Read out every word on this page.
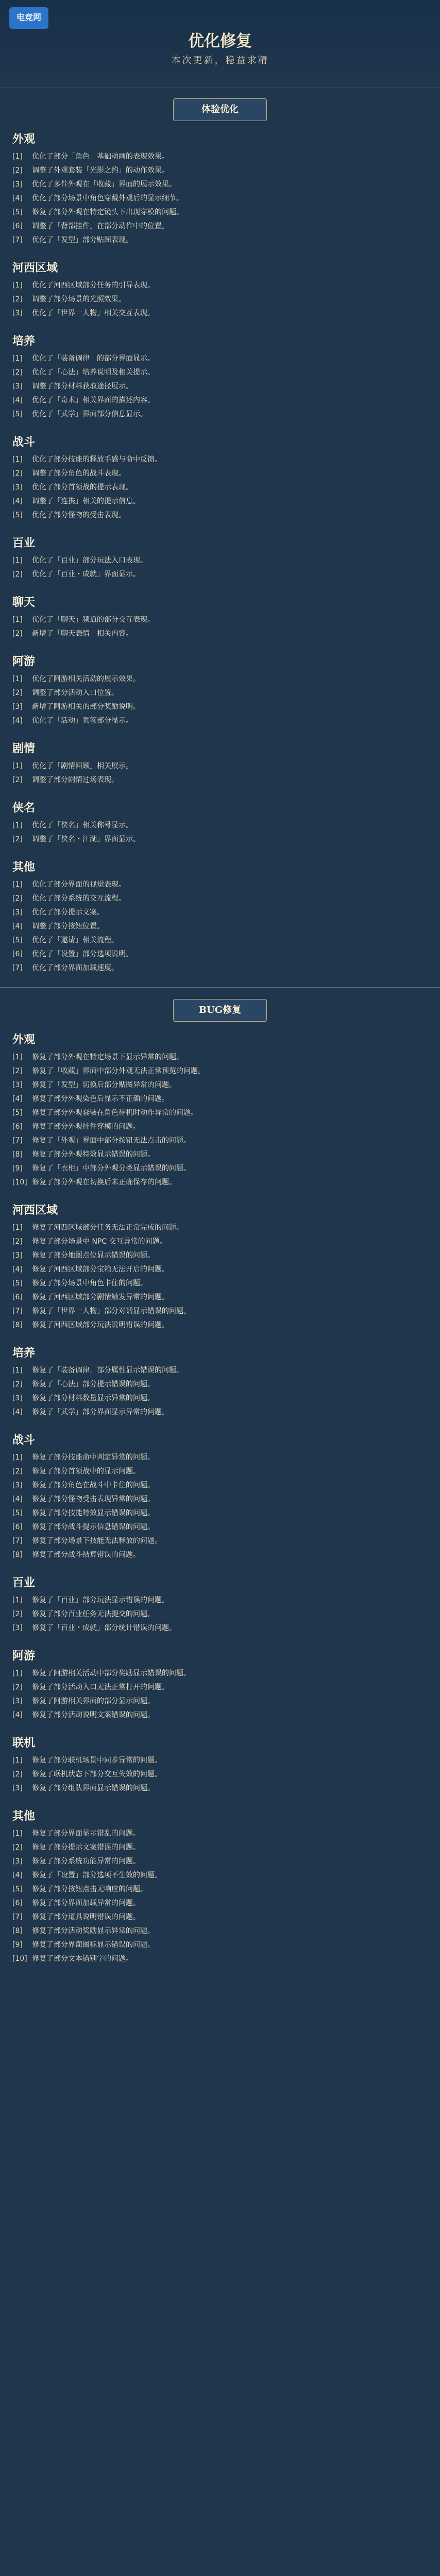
电竞网
优化修复
本次更新，稳益求精
体验优化
外观
[1] 优化了部分「角色」基础动画的表现效果。
[2] 调整了外观套装「光影之约」的动作效果。
[3] 优化了多件外观在「收藏」界面的展示效果。
[4] 优化了部分场景中角色穿戴外观后的显示细节。
[5] 修复了部分外观在特定镜头下出现穿模的问题。
[6] 调整了「背部挂件」在部分动作中的位置。
[7] 优化了「发型」部分贴图表现。
河西区域
[1] 优化了河西区域部分任务的引导表现。
[2] 调整了部分场景的光照效果。
[3] 优化了「世界一人物」相关交互表现。
培养
[1] 优化了「装备调律」的部分界面显示。
[2] 优化了「心法」培养说明及相关提示。
[3] 调整了部分材料获取途径展示。
[4] 优化了「奇术」相关界面的描述内容。
[5] 优化了「武学」界面部分信息显示。
战斗
[1] 优化了部分技能的释放手感与命中反馈。
[2] 调整了部分角色的战斗表现。
[3] 优化了部分首领战的提示表现。
[4] 调整了「连携」相关的提示信息。
[5] 优化了部分怪物的受击表现。
百业
[1] 优化了「百业」部分玩法入口表现。
[2] 优化了「百业・成就」界面显示。
聊天
[1] 优化了「聊天」频道的部分交互表现。
[2] 新增了「聊天表情」相关内容。
阿游
[1] 优化了阿游相关活动的展示效果。
[2] 调整了部分活动入口位置。
[3] 新增了阿游相关的部分奖励说明。
[4] 优化了「活动」页签部分显示。
剧情
[1] 优化了「剧情回顾」相关展示。
[2] 调整了部分剧情过场表现。
侠名
[1] 优化了「侠名」相关称号显示。
[2] 调整了「侠名・江湖」界面显示。
其他
[1] 优化了部分界面的视觉表现。
[2] 优化了部分系统的交互流程。
[3] 优化了部分提示文案。
[4] 调整了部分按钮位置。
[5] 优化了「邀请」相关流程。
[6] 优化了「设置」部分选项说明。
[7] 优化了部分界面加载速度。
BUG修复
外观
[1] 修复了部分外观在特定场景下显示异常的问题。
[2] 修复了「收藏」界面中部分外观无法正常预览的问题。
[3] 修复了「发型」切换后部分贴图异常的问题。
[4] 修复了部分外观染色后显示不正确的问题。
[5] 修复了部分外观套装在角色待机时动作异常的问题。
[6] 修复了部分外观挂件穿模的问题。
[7] 修复了「外观」界面中部分按钮无法点击的问题。
[8] 修复了部分外观特效显示错误的问题。
[9] 修复了「衣柜」中部分外观分类显示错误的问题。
[10] 修复了部分外观在切换后未正确保存的问题。
河西区域
[1] 修复了河西区域部分任务无法正常完成的问题。
[2] 修复了部分场景中 NPC 交互异常的问题。
[3] 修复了部分地图点位显示错误的问题。
[4] 修复了河西区域部分宝箱无法开启的问题。
[5] 修复了部分场景中角色卡住的问题。
[6] 修复了河西区域部分剧情触发异常的问题。
[7] 修复了「世界一人物」部分对话显示错误的问题。
[8] 修复了河西区域部分玩法说明错误的问题。
培养
[1] 修复了「装备调律」部分属性显示错误的问题。
[2] 修复了「心法」部分提示错误的问题。
[3] 修复了部分材料数量显示异常的问题。
[4] 修复了「武学」部分界面显示异常的问题。
战斗
[1] 修复了部分技能命中判定异常的问题。
[2] 修复了部分首领战中的显示问题。
[3] 修复了部分角色在战斗中卡住的问题。
[4] 修复了部分怪物受击表现异常的问题。
[5] 修复了部分技能特效显示错误的问题。
[6] 修复了部分战斗提示信息错误的问题。
[7] 修复了部分场景下技能无法释放的问题。
[8] 修复了部分战斗结算错误的问题。
百业
[1] 修复了「百业」部分玩法显示错误的问题。
[2] 修复了部分百业任务无法提交的问题。
[3] 修复了「百业・成就」部分统计错误的问题。
阿游
[1] 修复了阿游相关活动中部分奖励显示错误的问题。
[2] 修复了部分活动入口无法正常打开的问题。
[3] 修复了阿游相关界面的部分显示问题。
[4] 修复了部分活动说明文案错误的问题。
联机
[1] 修复了部分联机场景中同步异常的问题。
[2] 修复了联机状态下部分交互失效的问题。
[3] 修复了部分组队界面显示错误的问题。
其他
[1] 修复了部分界面显示错乱的问题。
[2] 修复了部分提示文案错误的问题。
[3] 修复了部分系统功能异常的问题。
[4] 修复了「设置」部分选项不生效的问题。
[5] 修复了部分按钮点击无响应的问题。
[6] 修复了部分界面加载异常的问题。
[7] 修复了部分道具说明错误的问题。
[8] 修复了部分活动奖励显示异常的问题。
[9] 修复了部分界面图标显示错误的问题。
[10] 修复了部分文本错别字的问题。
